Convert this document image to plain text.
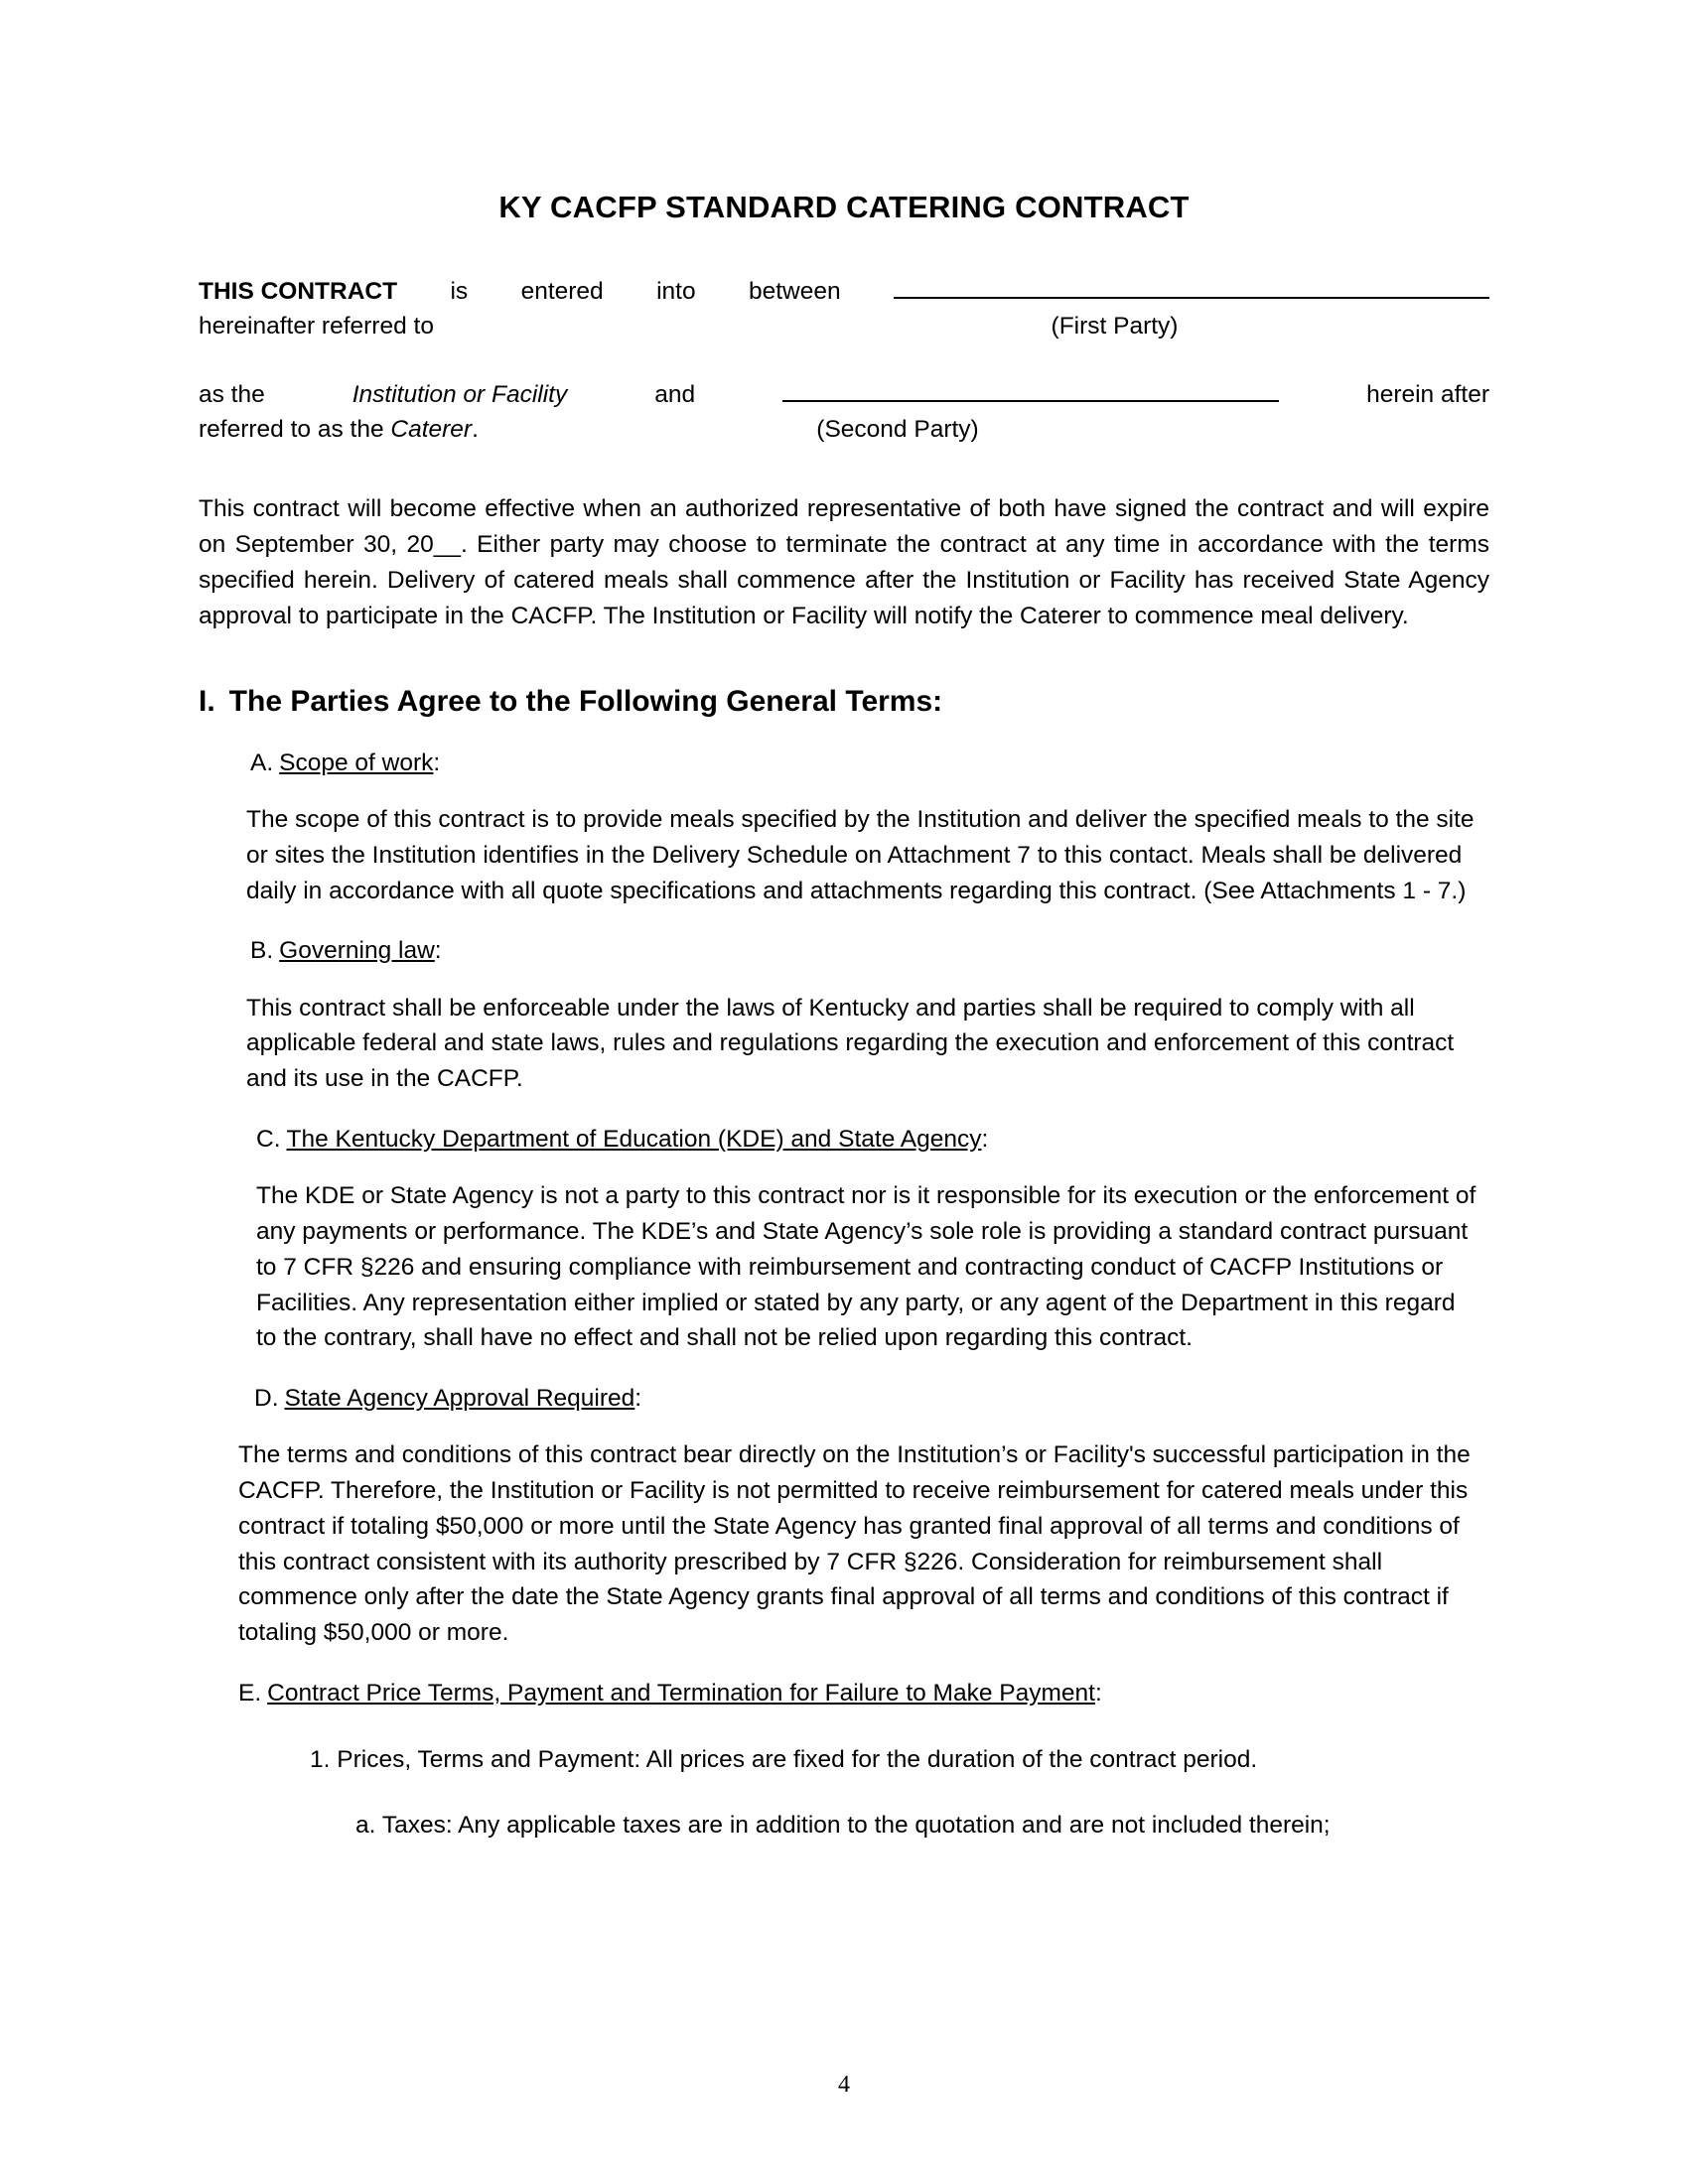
KY CACFP STANDARD CATERING CONTRACT
THIS CONTRACT is entered into between
hereinafter referred to	(First Party)
as the	Institution or Facility	and	herein after
referred to as the Caterer.	(Second Party)

This contract will become effective when an authorized representative of both have signed the contract and will expire on September 30, 20__. Either party may choose to terminate the contract at any time in accordance with the terms specified herein. Delivery of catered meals shall commence after the Institution or Facility has received State Agency approval to participate in the CACFP. The Institution or Facility will notify the Caterer to commence meal delivery.

I. The Parties Agree to the Following General Terms:
A. Scope of work:
The scope of this contract is to provide meals specified by the Institution and deliver the specified meals to the site or sites the Institution identifies in the Delivery Schedule on Attachment 7 to this contact. Meals shall be delivered daily in accordance with all quote specifications and attachments regarding this contract. (See Attachments 1 - 7.)
B. Governing law:
This contract shall be enforceable under the laws of Kentucky and parties shall be required to comply with all applicable federal and state laws, rules and regulations regarding the execution and enforcement of this contract and its use in the CACFP.
C. The Kentucky Department of Education (KDE) and State Agency:
The KDE or State Agency is not a party to this contract nor is it responsible for its execution or the enforcement of any payments or performance. The KDE’s and State Agency’s sole role is providing a standard contract pursuant to 7 CFR §226 and ensuring compliance with reimbursement and contracting conduct of CACFP Institutions or Facilities. Any representation either implied or stated by any party, or any agent of the Department in this regard to the contrary, shall have no effect and shall not be relied upon regarding this contract.
D. State Agency Approval Required:
The terms and conditions of this contract bear directly on the Institution’s or Facility's successful participation in the CACFP. Therefore, the Institution or Facility is not permitted to receive reimbursement for catered meals under this contract if totaling $50,000 or more until the State Agency has granted final approval of all terms and conditions of this contract consistent with its authority prescribed by 7 CFR §226. Consideration for reimbursement shall commence only after the date the State Agency grants final approval of all terms and conditions of this contract if totaling $50,000 or more.
E. Contract Price Terms, Payment and Termination for Failure to Make Payment:
1. Prices, Terms and Payment: All prices are fixed for the duration of the contract period.
a. Taxes: Any applicable taxes are in addition to the quotation and are not included therein;
4
